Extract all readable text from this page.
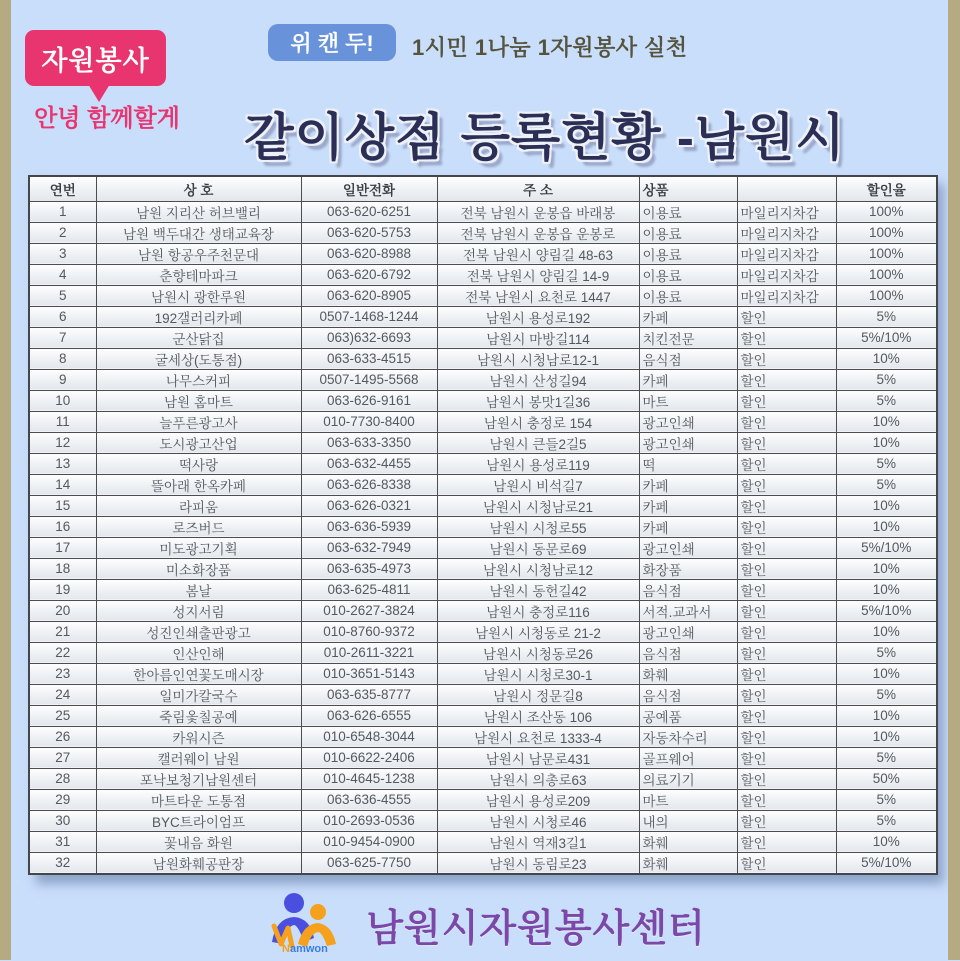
자원봉사
안녕 함께할게
위 캔 두! 1시민 1나눔 1자원봉사 실천
같이상점 등록현황 -남원시
연번	상 호	일반전화	주 소	상품		할인율
1	남원 지리산 허브밸리	063-620-6251	전북 남원시 운봉읍 바래봉	이용료	마일리지차감	100%
2	남원 백두대간 생태교육장	063-620-5753	전북 남원시 운봉읍 운봉로	이용료	마일리지차감	100%
3	남원 항공우주천문대	063-620-8988	전북 남원시 양림길 48-63	이용료	마일리지차감	100%
4	춘향테마파크	063-620-6792	전북 남원시 양림길 14-9	이용료	마일리지차감	100%
5	남원시 광한루원	063-620-8905	전북 남원시 요천로 1447	이용료	마일리지차감	100%
6	192갤러리카페	0507-1468-1244	남원시 용성로192	카페	할인	5%
7	군산닭집	063)632-6693	남원시 마방길114	치킨전문	할인	5%/10%
8	굴세상(도통점)	063-633-4515	남원시 시청남로12-1	음식점	할인	10%
9	나무스커피	0507-1495-5568	남원시 산성길94	카페	할인	5%
10	남원 홈마트	063-626-9161	남원시 봉맛1길36	마트	할인	5%
11	늘푸른광고사	010-7730-8400	남원시 충정로 154	광고인쇄	할인	10%
12	도시광고산업	063-633-3350	남원시 큰들2길5	광고인쇄	할인	10%
13	떡사랑	063-632-4455	남원시 용성로119	떡	할인	5%
14	뜰아래 한옥카페	063-626-8338	남원시 비석길7	카페	할인	5%
15	라피움	063-626-0321	남원시 시청남로21	카페	할인	10%
16	로즈버드	063-636-5939	남원시 시청로55	카페	할인	10%
17	미도광고기획	063-632-7949	남원시 동문로69	광고인쇄	할인	5%/10%
18	미소화장품	063-635-4973	남원시 시청남로12	화장품	할인	10%
19	봄날	063-625-4811	남원시 동헌길42	음식점	할인	10%
20	성지서림	010-2627-3824	남원시 충정로116	서적.교과서	할인	5%/10%
21	성진인쇄출판광고	010-8760-9372	남원시 시청동로 21-2	광고인쇄	할인	10%
22	인산인해	010-2611-3221	남원시 시청동로26	음식점	할인	5%
23	한아름인연꽃도매시장	010-3651-5143	남원시 시청로30-1	화훼	할인	10%
24	일미가칼국수	063-635-8777	남원시 정문길8	음식점	할인	5%
25	죽림옻칠공예	063-626-6555	남원시 조산동 106	공예품	할인	10%
26	카워시즌	010-6548-3044	남원시 요천로 1333-4	자동차수리	할인	10%
27	캘러웨이 남원	010-6622-2406	남원시 남문로431	골프웨어	할인	5%
28	포낙보청기남원센터	010-4645-1238	남원시 의총로63	의료기기	할인	50%
29	마트타운 도통점	063-636-4555	남원시 용성로209	마트	할인	5%
30	BYC트라이엄프	010-2693-0536	남원시 시청로46	내의	할인	5%
31	꽃내음 화원	010-9454-0900	남원시 역재3길1	화훼	할인	10%
32	남원화훼공판장	063-625-7750	남원시 동림로23	화훼	할인	5%/10%
Namwon 남원시자원봉사센터
